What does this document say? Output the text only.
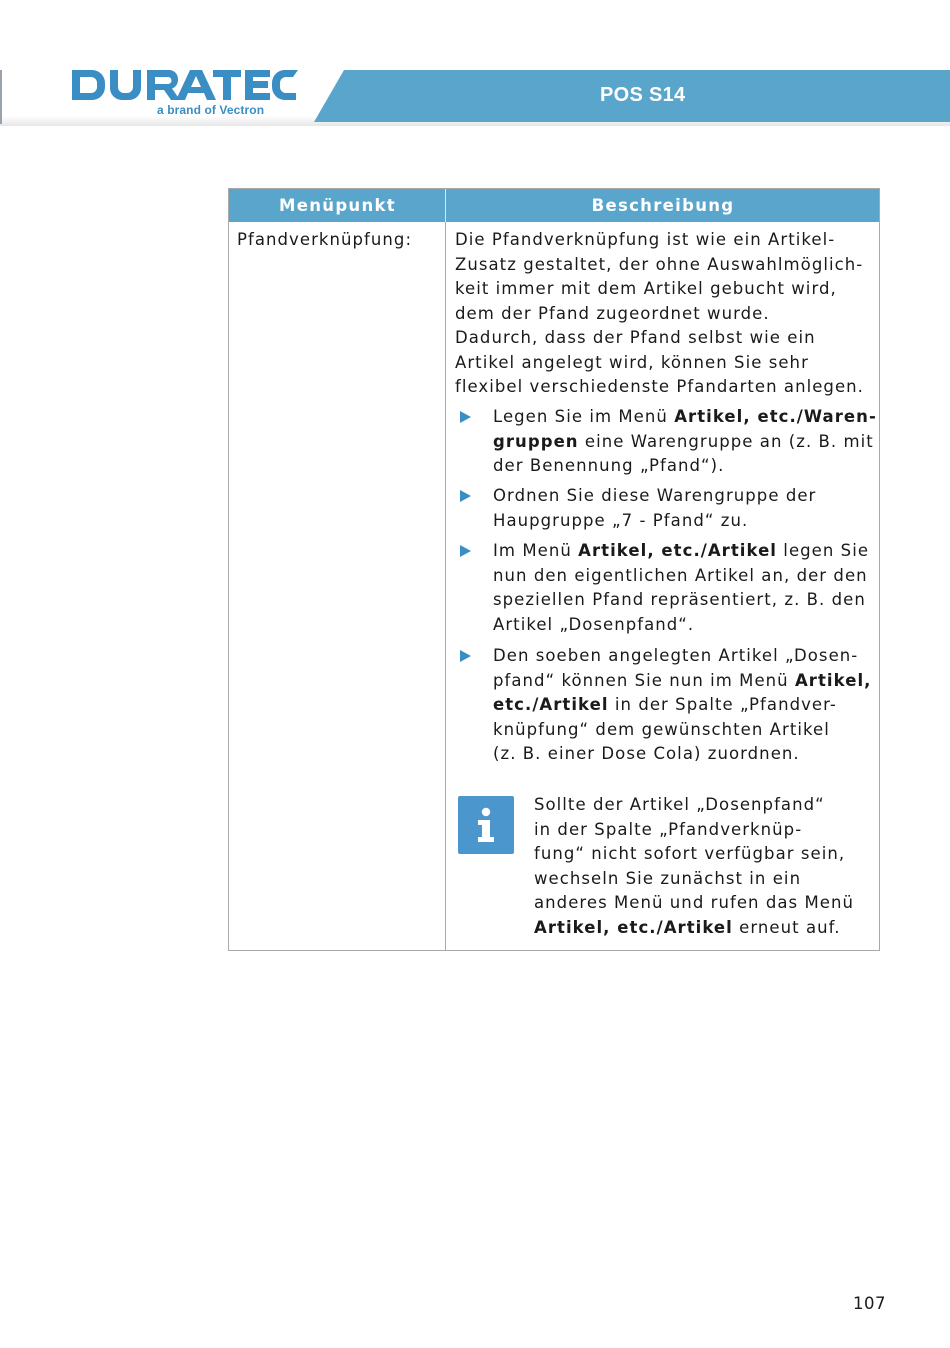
a brand of Vectron
POS S14
Menüpunkt	Beschreibung
Pfandverknüpfung:	Die Pfandverknüpfung ist wie ein Artikel-
Zusatz gestaltet, der ohne Auswahlmöglich-
keit immer mit dem Artikel gebucht wird,
dem der Pfand zugeordnet wurde.
Dadurch, dass der Pfand selbst wie ein
Artikel angelegt wird, können Sie sehr
flexibel verschiedenste Pfandarten anlegen.
Legen Sie im Menü Artikel, etc./Waren-
gruppen eine Warengruppe an (z. B. mit
der Benennung „Pfand“).
Ordnen Sie diese Warengruppe der
Haupgruppe „7 - Pfand“ zu.
Im Menü Artikel, etc./Artikel legen Sie
nun den eigentlichen Artikel an, der den
speziellen Pfand repräsentiert, z. B. den
Artikel „Dosenpfand“.
Den soeben angelegten Artikel „Dosen-
pfand“ können Sie nun im Menü Artikel,
etc./Artikel in der Spalte „Pfandver-
knüpfung“ dem gewünschten Artikel
(z. B. einer Dose Cola) zuordnen.
Sollte der Artikel „Dosenpfand“
in der Spalte „Pfandverknüp-
fung“ nicht sofort verfügbar sein,
wechseln Sie zunächst in ein
anderes Menü und rufen das Menü
Artikel, etc./Artikel erneut auf.
107
